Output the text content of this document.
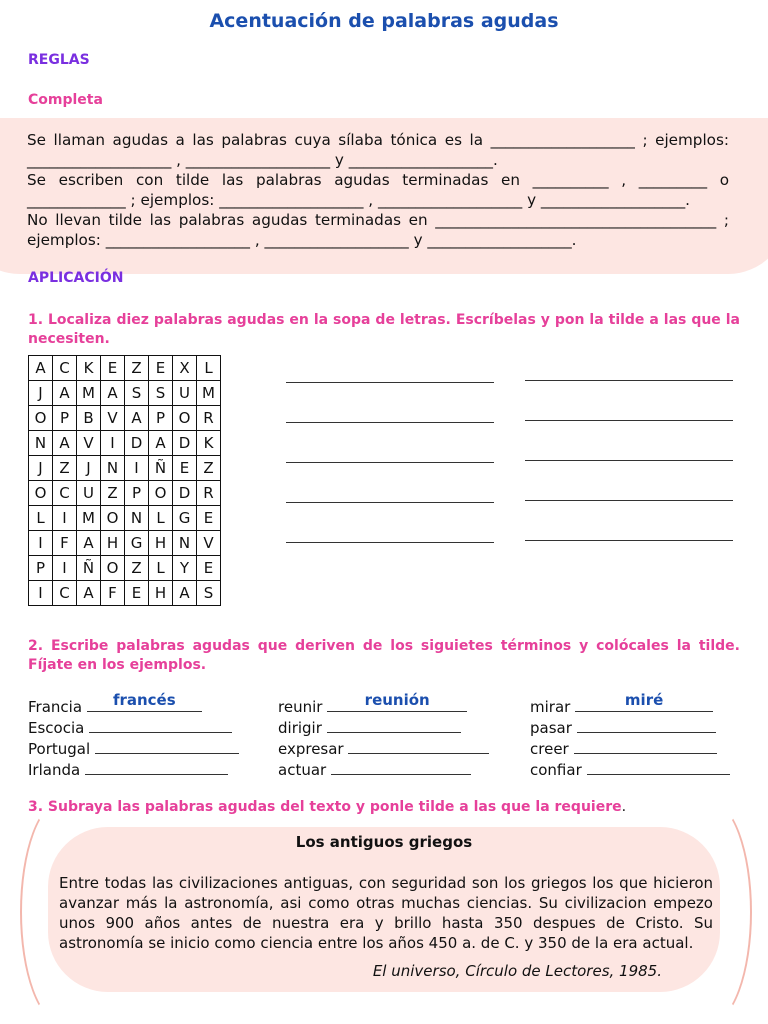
Acentuación de palabras agudas
REGLAS
Completa

Se llaman agudas a las palabras cuya sílaba tónica es la ___________________ ; ejemplos: ___________________ , ___________________ y ___________________.

Se escriben con tilde las palabras agudas terminadas en __________ , _________ o _____________ ; ejemplos: ___________________ , ___________________ y ___________________.

No llevan tilde las palabras agudas terminadas en _____________________________________ ; ejemplos: ___________________ , ___________________ y ___________________.

APLICACIÓN
1. Localiza diez palabras agudas en la sopa de letras. Escríbelas y pon la tilde a las que la necesiten.
A	C	K	E	Z	E	X	L
J	A	M	A	S	S	U	M
O	P	B	V	A	P	O	R
N	A	V	I	D	A	D	K
J	Z	J	N	I	Ñ	E	Z
O	C	U	Z	P	O	D	R
L	I	M	O	N	L	G	E
I	F	A	H	G	H	N	V
P	I	Ñ	O	Z	L	Y	E
I	C	A	F	E	H	A	S
2. Escribe palabras agudas que deriven de los siguietes términos y colócales la tilde. Fíjate en los ejemplos.
Francia	francés
Escocia
Portugal
Irlanda
reunir	reunión
dirigir
expresar
actuar
mirar	miré
pasar
creer
confiar
3. Subraya las palabras agudas del texto y ponle tilde a las que la requiere.
Los antiguos griegos
Entre todas las civilizaciones antiguas, con seguridad son los griegos los que hicieron avanzar más la astronomía, asi como otras muchas ciencias. Su civilizacion empezo unos 900 años antes de nuestra era y brillo hasta 350 despues de Cristo. Su astronomía se inicio como ciencia entre los años 450 a. de C. y 350 de la era actual.
El universo, Círculo de Lectores, 1985.
